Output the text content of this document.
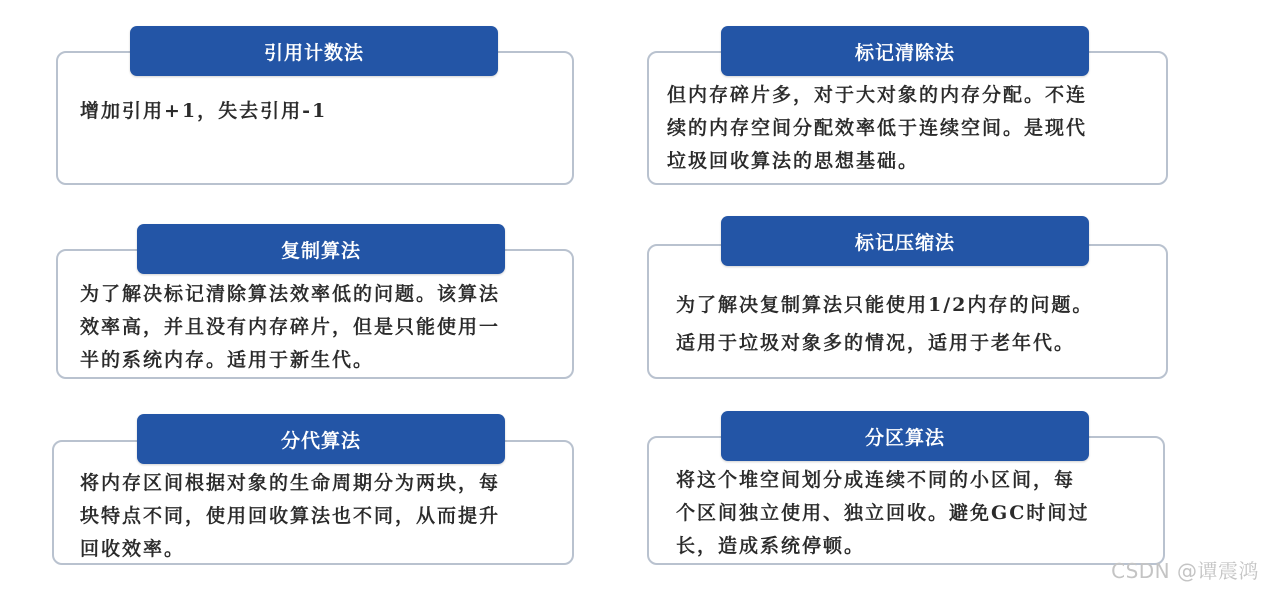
引用计数法
增加引用+1，失去引用-1
标记清除法
但内存碎片多，对于大对象的内存分配。不连
续的内存空间分配效率低于连续空间。是现代
垃圾回收算法的思想基础。
复制算法
为了解决标记清除算法效率低的问题。该算法
效率高，并且没有内存碎片，但是只能使用一
半的系统内存。适用于新生代。
标记压缩法
为了解决复制算法只能使用1/2内存的问题。
适用于垃圾对象多的情况，适用于老年代。
分代算法
将内存区间根据对象的生命周期分为两块，每
块特点不同，使用回收算法也不同，从而提升
回收效率。
分区算法
将这个堆空间划分成连续不同的小区间，每
个区间独立使用、独立回收。避免GC时间过
长，造成系统停顿。
CSDN @谭震鸿
